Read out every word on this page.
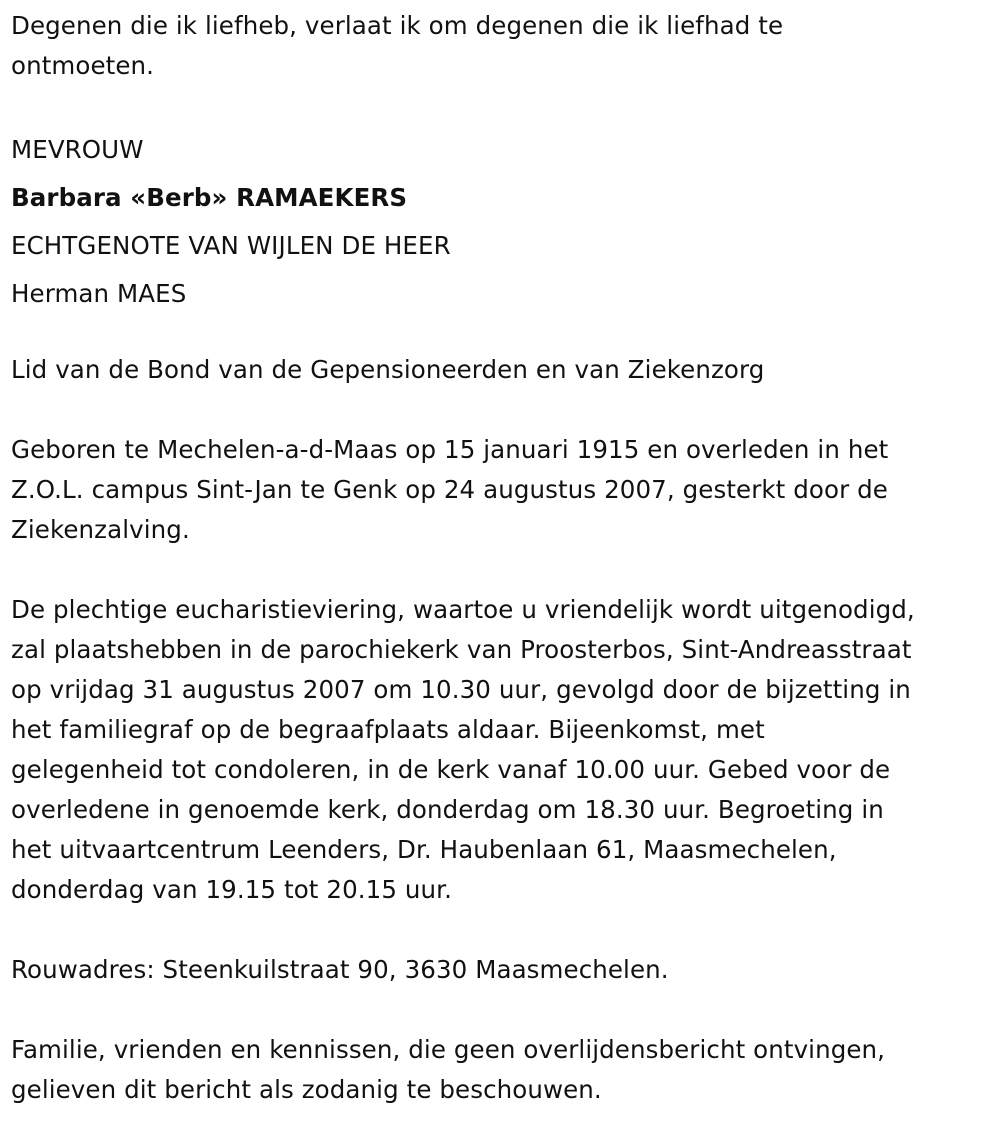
Degenen die ik liefheb, verlaat ik om degenen die ik liefhad te
ontmoeten.
MEVROUW
Barbara «Berb» RAMAEKERS
ECHTGENOTE VAN WIJLEN DE HEER
Herman MAES
Lid van de Bond van de Gepensioneerden en van Ziekenzorg
Geboren te Mechelen-a-d-Maas op 15 januari 1915 en overleden in het
Z.O.L. campus Sint-Jan te Genk op 24 augustus 2007, gesterkt door de
Ziekenzalving.
De plechtige eucharistieviering, waartoe u vriendelijk wordt uitgenodigd,
zal plaatshebben in de parochiekerk van Proosterbos, Sint-Andreasstraat
op vrijdag 31 augustus 2007 om 10.30 uur, gevolgd door de bijzetting in
het familiegraf op de begraafplaats aldaar. Bijeenkomst, met
gelegenheid tot condoleren, in de kerk vanaf 10.00 uur. Gebed voor de
overledene in genoemde kerk, donderdag om 18.30 uur. Begroeting in
het uitvaartcentrum Leenders, Dr. Haubenlaan 61, Maasmechelen,
donderdag van 19.15 tot 20.15 uur.
Rouwadres: Steenkuilstraat 90, 3630 Maasmechelen.
Familie, vrienden en kennissen, die geen overlijdensbericht ontvingen,
gelieven dit bericht als zodanig te beschouwen.
